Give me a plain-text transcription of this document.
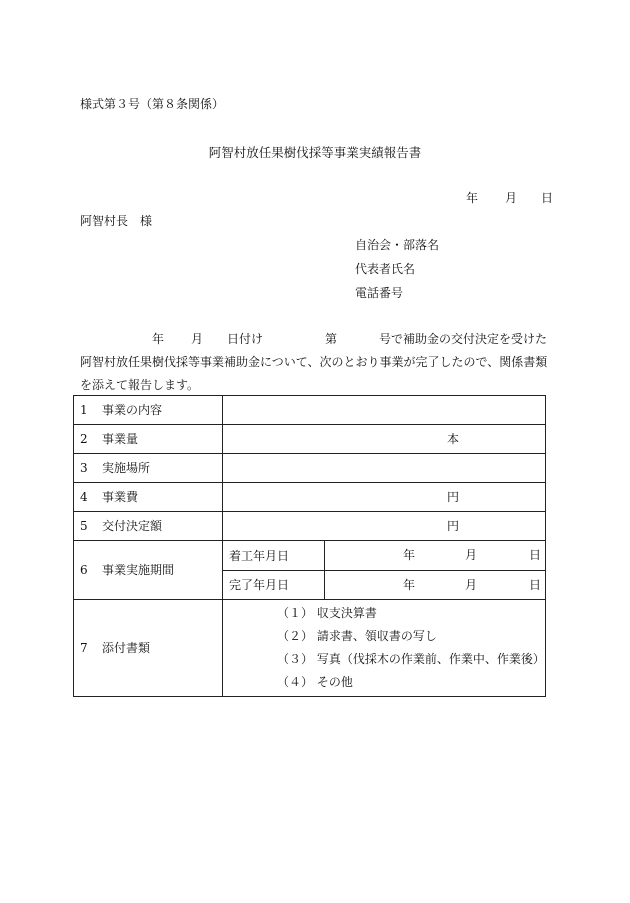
様式第３号（第８条関係）
阿智村放任果樹伐採等事業実績報告書
年 月 日
阿智村長　様
自治会・部落名
代表者氏名
電話番号
年 月 日付け	第	号で補助金の交付決定を受けた
阿智村放任果樹伐採等事業補助金について、次のとおり事業が完了したので、関係書類
を添えて報告します。
1 事業の内容		
2 事業量	本	
3 実施場所		
4 事業費	円	
5 交付決定額	円	
6 事業実施期間	着工年月日	年 月 日

	完了年月日	年 月 日

7 添付書類	（１） 収支決算書
（２） 請求書、領収書の写し
（３） 写真（伐採木の作業前、作業中、作業後）
（４） その他	
